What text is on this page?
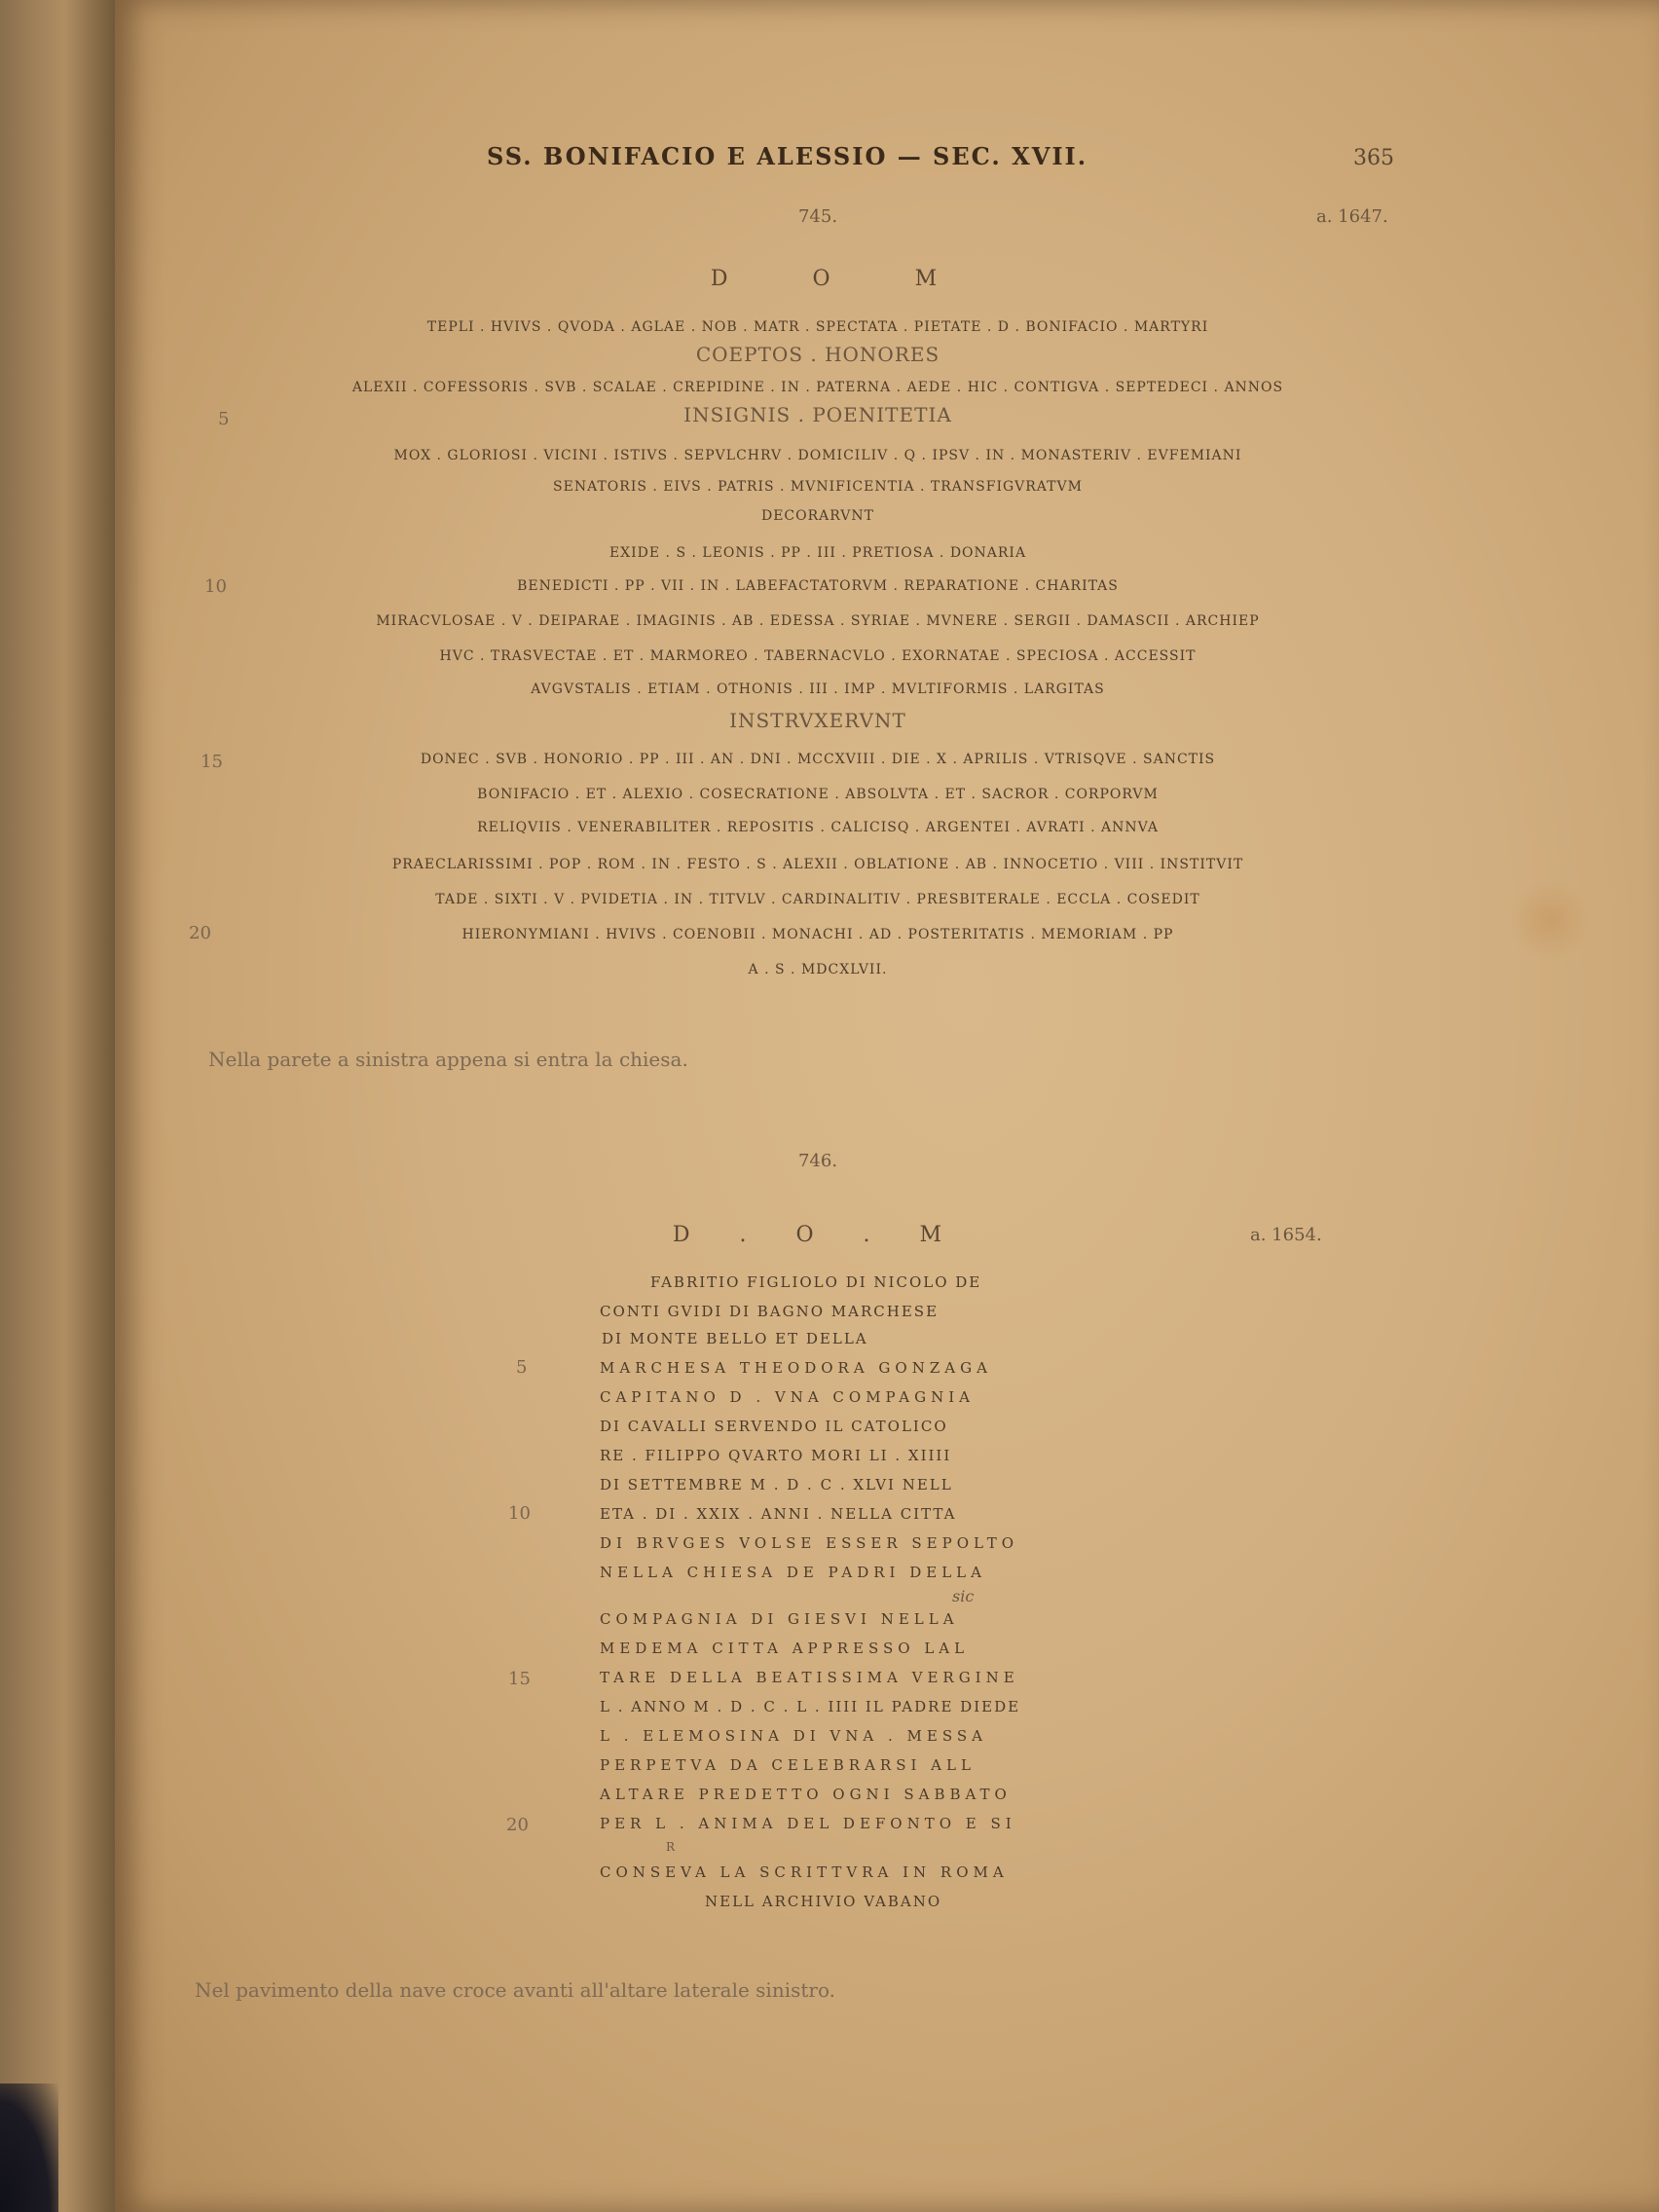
SS. BONIFACIO E ALESSIO — SEC. XVII.	365
745.	a. 1647.
D O M
TEPLI . HVIVS . QVODA . AGLAE . NOB . MATR . SPECTATA . PIETATE . D . BONIFACIO . MARTYRI
COEPTOS . HONORES
ALEXII . COFESSORIS . SVB . SCALAE . CREPIDINE . IN . PATERNA . AEDE . HIC . CONTIGVA . SEPTEDECI . ANNOS
INSIGNIS . POENITETIA
MOX . GLORIOSI . VICINI . ISTIVS . SEPVLCHRV . DOMICILIV . Q . IPSV . IN . MONASTERIV . EVFEMIANI
SENATORIS . EIVS . PATRIS . MVNIFICENTIA . TRANSFIGVRATVM
DECORARVNT
EXIDE . S . LEONIS . PP . III . PRETIOSA . DONARIA
BENEDICTI . PP . VII . IN . LABEFACTATORVM . REPARATIONE . CHARITAS
MIRACVLOSAE . V . DEIPARAE . IMAGINIS . AB . EDESSA . SYRIAE . MVNERE . SERGII . DAMASCII . ARCHIEP
HVC . TRASVECTAE . ET . MARMOREO . TABERNACVLO . EXORNATAE . SPECIOSA . ACCESSIT
AVGVSTALIS . ETIAM . OTHONIS . III . IMP . MVLTIFORMIS . LARGITAS
INSTRVXERVNT
DONEC . SVB . HONORIO . PP . III . AN . DNI . MCCXVIII . DIE . X . APRILIS . VTRISQVE . SANCTIS
BONIFACIO . ET . ALEXIO . COSECRATIONE . ABSOLVTA . ET . SACROR . CORPORVM
RELIQVIIS . VENERABILITER . REPOSITIS . CALICISQ . ARGENTEI . AVRATI . ANNVA
PRAECLARISSIMI . POP . ROM . IN . FESTO . S . ALEXII . OBLATIONE . AB . INNOCETIO . VIII . INSTITVIT
TADE . SIXTI . V . PVIDETIA . IN . TITVLV . CARDINALITIV . PRESBITERALE . ECCLA . COSEDIT
HIERONYMIANI . HVIVS . COENOBII . MONACHI . AD . POSTERITATIS . MEMORIAM . PP
A . S . MDCXLVII.
5
10
15
20
Nella parete a sinistra appena si entra la chiesa.
746.
D . O . M	a. 1654.
FABRITIO FIGLIOLO DI NICOLO DE
CONTI GVIDI DI BAGNO MARCHESE
DI MONTE BELLO ET DELLA
MARCHESA THEODORA GONZAGA
CAPITANO D . VNA COMPAGNIA
DI CAVALLI SERVENDO IL CATOLICO
RE . FILIPPO QVARTO MORI LI . XIIII
DI SETTEMBRE M . D . C . XLVI NELL
ETA . DI . XXIX . ANNI . NELLA CITTA
DI BRVGES VOLSE ESSER SEPOLTO
NELLA CHIESA DE PADRI DELLA
sic
COMPAGNIA DI GIESVI NELLA
MEDEMA CITTA APPRESSO LAL
TARE DELLA BEATISSIMA VERGINE
L . ANNO M . D . C . L . IIII IL PADRE DIEDE
L . ELEMOSINA DI VNA . MESSA
PERPETVA DA CELEBRARSI ALL
ALTARE PREDETTO OGNI SABBATO
PER L . ANIMA DEL DEFONTO E SI
R
CONSEVA LA SCRITTVRA IN ROMA
NELL ARCHIVIO VABANO
5
10
15
20
Nel pavimento della nave croce avanti all'altare laterale sinistro.
